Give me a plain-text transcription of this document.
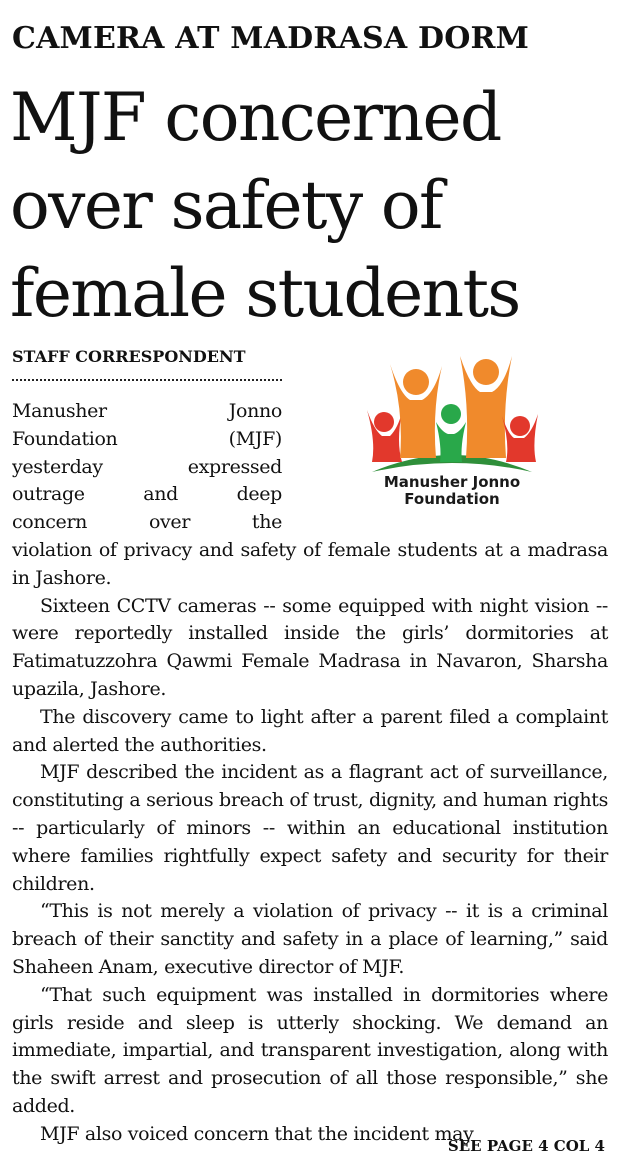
CAMERA AT MADRASA DORM
MJF concerned
over safety of
female students
STAFF CORRESPONDENT
Manusher Jonno
Foundation
Manusher Jonno
Foundation (MJF)
yesterday expressed
outrage and deep
concern over the

violation of privacy and safety of female students at a madrasa in Jashore.

Sixteen CCTV cameras -- some equipped with night vision -- were reportedly installed inside the girls’ dormitories at Fatimatuzzohra Qawmi Female Madrasa in Navaron, Sharsha upazila, Jashore.

The discovery came to light after a parent filed a complaint and alerted the authorities.

MJF described the incident as a flagrant act of surveillance, constituting a serious breach of trust, dignity, and human rights -- particularly of minors -- within an educational institution where families rightfully expect safety and security for their children.

“This is not merely a violation of privacy -- it is a criminal breach of their sanctity and safety in a place of learning,” said Shaheen Anam, executive director of MJF.

“That such equipment was installed in dormitories where girls reside and sleep is utterly shocking. We demand an immediate, impartial, and transparent investigation, along with the swift arrest and prosecution of all those responsible,” she added.

MJF also voiced concern that the incident may

SEE PAGE 4 COL 4
